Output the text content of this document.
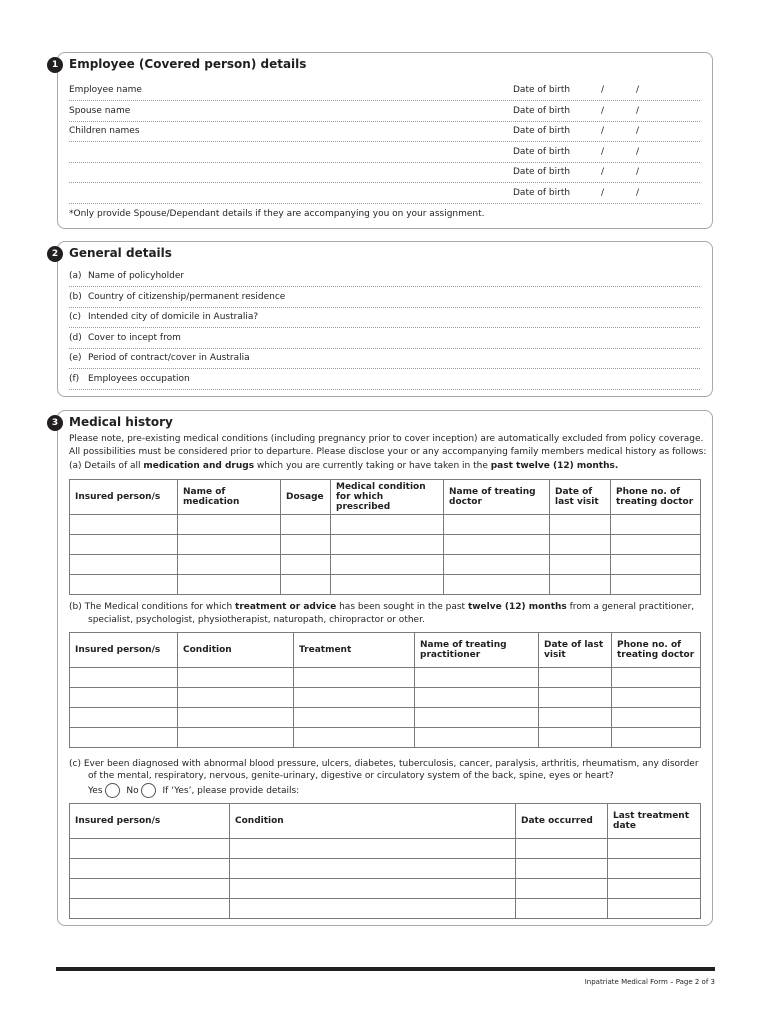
1 Employee (Covered person) details
Employee name	Date of birth	/	/
Spouse name	Date of birth	/	/
Children names	Date of birth	/	/
Date of birth	/	/
Date of birth	/	/
Date of birth	/	/
*Only provide Spouse/Dependant details if they are accompanying you on your assignment.
2 General details
(a) Name of policyholder
(b) Country of citizenship/permanent residence
(c) Intended city of domicile in Australia?
(d) Cover to incept from
(e) Period of contract/cover in Australia
(f) Employees occupation
3 Medical history
Please note, pre-existing medical conditions (including pregnancy prior to cover inception) are automatically excluded from policy coverage.
All possibilities must be considered prior to departure. Please disclose your or any accompanying family members medical history as follows:
(a) Details of all medication and drugs which you are currently taking or have taken in the past twelve (12) months.
Insured person/s	Name of medication	Dosage	Medical condition for which prescribed	Name of treating doctor	Date of last visit	Phone no. of treating doctor

(b) The Medical conditions for which treatment or advice has been sought in the past twelve (12) months from a general practitioner,
specialist, psychologist, physiotherapist, naturopath, chiropractor or other.
Insured person/s	Condition	Treatment	Name of treating practitioner	Date of last visit	Phone no. of treating doctor

(c) Ever been diagnosed with abnormal blood pressure, ulcers, diabetes, tuberculosis, cancer, paralysis, arthritis, rheumatism, any disorder
of the mental, respiratory, nervous, genite-urinary, digestive or circulatory system of the back, spine, eyes or heart?
Yes	No	If ‘Yes’, please provide details:
Insured person/s	Condition	Date occurred	Last treatment date

Inpatriate Medical Form – Page 2 of 3
